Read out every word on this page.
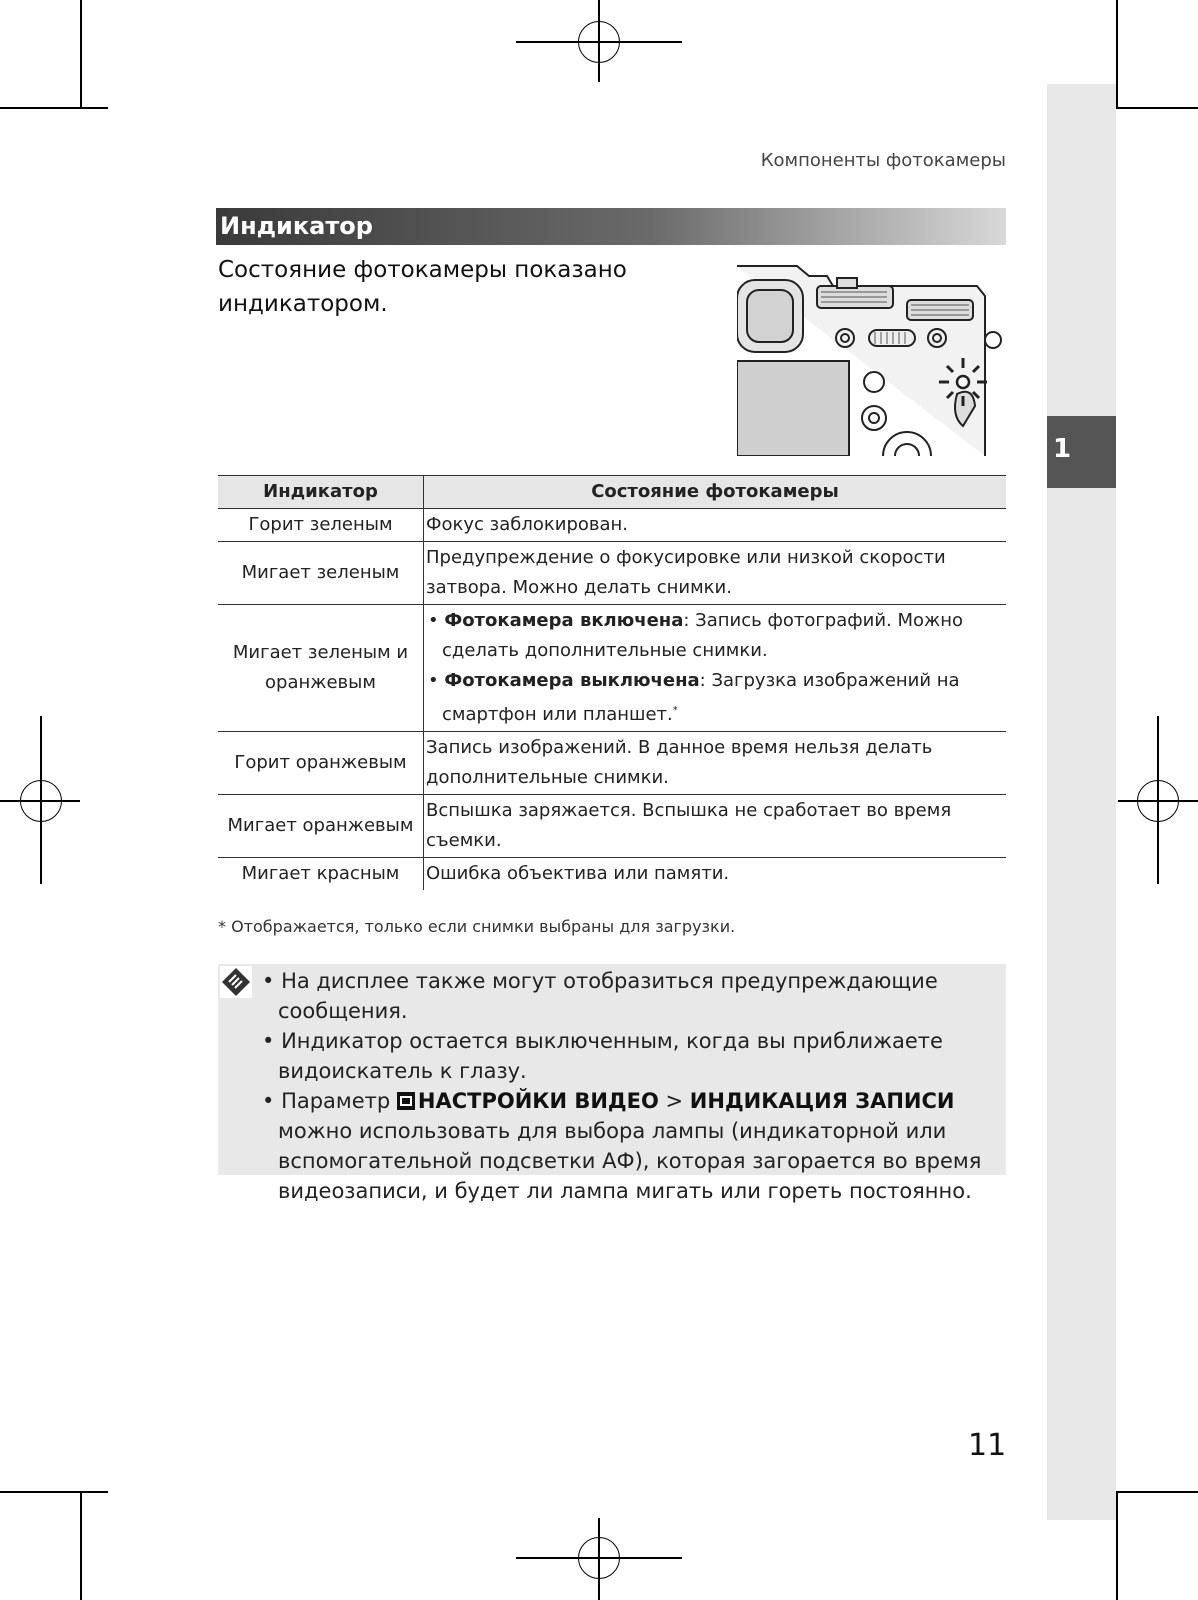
1
Компоненты фотокамеры
Индикатор
Состояние фотокамеры показано индикатором.
Индикатор	Состояние фотокамеры
Горит зеленым	Фокус заблокирован.
Мигает зеленым	Предупреждение о фокусировке или низкой скорости затвора. Можно делать снимки.
Мигает зеленым и оранжевым	• Фотокамера включена: Запись фотографий. Можно сделать дополнительные снимки.
• Фотокамера выключена: Загрузка изображений на смартфон или планшет.*

Горит оранжевым	Запись изображений. В данное время нельзя делать дополнительные снимки.
Мигает оранжевым	Вспышка заряжается. Вспышка не сработает во время съемки.
Мигает красным	Ошибка объектива или памяти.
* Отображается, только если снимки выбраны для загрузки.
• На дисплее также могут отобразиться предупреждающие сообщения.
• Индикатор остается выключенным, когда вы приближаете видоискатель к глазу.
• Параметр НАСТРОЙКИ ВИДЕО > ИНДИКАЦИЯ ЗАПИСИ можно использовать для выбора лампы (индикаторной или вспомогательной подсветки АФ), которая загорается во время видеозаписи, и будет ли лампа мигать или гореть постоянно.
11
